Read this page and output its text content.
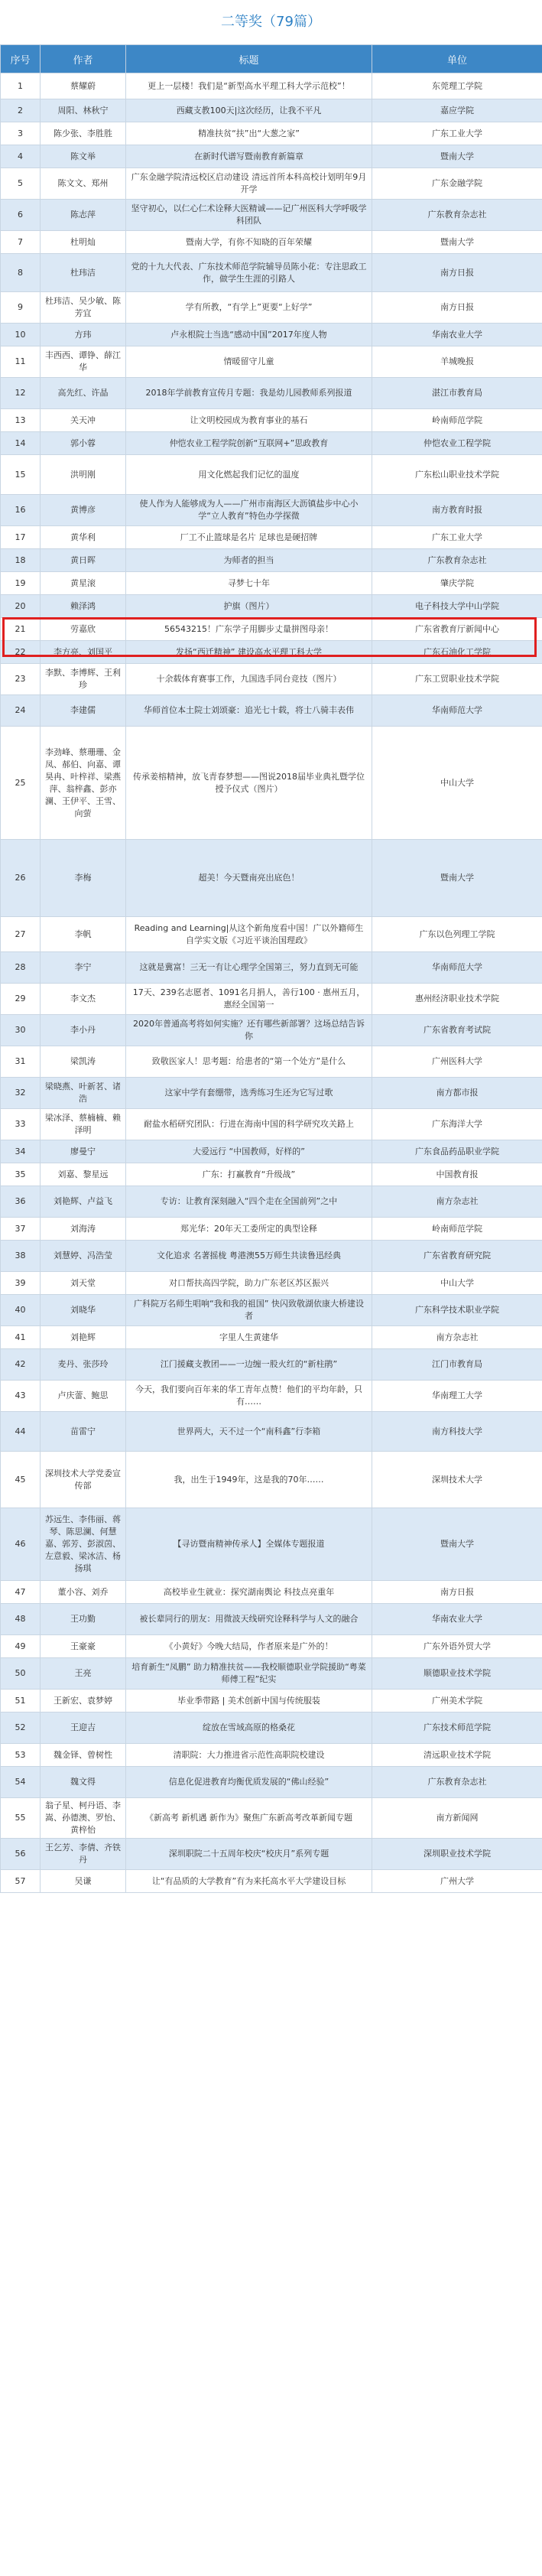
二等奖（79篇）
序号	作者	标题	单位
1	蔡耀蔚	更上一层楼！我们是“新型高水平理工科大学示范校”！	东莞理工学院
2	周阳、林秋宁	西藏支教100天|这次经历，让我不平凡	嘉应学院
3	陈少张、李胜胜	精准扶贫“扶”出“大葱之家”	广东工业大学
4	陈文举	在新时代谱写暨南教育新篇章	暨南大学
5	陈文文、郑州	广东金融学院清远校区启动建设 清远首所本科高校计划明年9月开学	广东金融学院
6	陈志萍	坚守初心，以仁心仁术诠释大医精诚——记广州医科大学呼吸学科团队	广东教育杂志社
7	杜明灿	暨南大学，有你不知晓的百年荣耀	暨南大学
8	杜玮洁	党的十九大代表、广东技术师范学院辅导员陈小花：专注思政工作，做学生生涯的引路人	南方日报
9	杜玮洁、吴少敏、陈芳宜	学有所教，“有学上”更要“上好学”	南方日报
10	方玮	卢永根院士当选“感动中国”2017年度人物	华南农业大学
11	丰西西、谭铮、薛江华	情暖留守儿童	羊城晚报
12	高先红、许晶	2018年学前教育宣传月专题：我是幼儿园教师系列报道	湛江市教育局
13	关天冲	让文明校园成为教育事业的基石	岭南师范学院
14	郭小蓉	仲恺农业工程学院创新“互联网+”思政教育	仲恺农业工程学院
15	洪明刚	用文化燃起我们记忆的温度	广东松山职业技术学院
16	黄博彦	使人作为人能够成为人——广州市南海区大沥镇盐步中心小学“立人教育”特色办学探微	南方教育时报
17	黄华利	厂工不止篮球是名片 足球也是硬招牌	广东工业大学
18	黄日晖	为师者的担当	广东教育杂志社
19	黄星滚	寻梦七十年	肇庆学院
20	赖泽鸿	护旗（图片）	电子科技大学中山学院
21	劳嘉欣	56543215！广东学子用脚步丈量拼图母亲！	广东省教育厅新闻中心
22	李方亮、刘国平	发扬“西迁精神” 建设高水平理工科大学	广东石油化工学院
23	李默、李博辉、王利珍	十余载体育赛事工作，九国选手同台竞技（图片）	广东工贸职业技术学院
24	李建儒	华师首位本土院士刘颂豪：追光七十载，将士八骑丰表伟	华南师范大学
25	李劲峰、蔡珊珊、金凤、郝伯、向嘉、谭昊冉、叶梓祥、梁燕萍、翁梓鑫、彭亦澜、王伊平、王雪、向萤	传承姜榕精神，放飞青春梦想——图说2018届毕业典礼暨学位授予仪式（图片）	中山大学
26	李梅	超美！今天暨南亮出底色！	暨南大学
27	李帆	Reading and Learning|从这个新角度看中国！广以外籍师生自学实文版《习近平谈治国理政》	广东以色列理工学院
28	李宁	这就是冀富！三无一有让心理学全国第三，努力直到无可能	华南师范大学
29	李文杰	17天、239名志愿者、1091名月捐人，善行100 · 惠州五月，惠经全国第一	惠州经济职业技术学院
30	李小丹	2020年普通高考将如何实施？还有哪些新部署？这场总结告诉你	广东省教育考试院
31	梁凯涛	致敬医家人！思考题：给患者的“第一个处方”是什么	广州医科大学
32	梁晓燕、叶新茗、诸浩	这家中学有套绷带，选秀练习生还为它写过歌	南方都市报
33	梁冰泽、蔡楠楠、赖泽明	耐盐水稻研究团队：行进在海南中国的科学研究攻关路上	广东海洋大学
34	廖曼宁	大爱远行 “中国教师，好样的”	广东食品药品职业学院
35	刘嘉、黎星远	广东：打赢教育“升级战”	中国教育报
36	刘艳辉、卢益飞	专访：让教育深刻融入“四个走在全国前列”之中	南方杂志社
37	刘海涛	郑光华：20年天工委所定的典型诠释	岭南师范学院
38	刘慧婷、冯浩莹	文化追求 名著摇栊 粤港澳55万师生共读鲁迅经典	广东省教育研究院
39	刘天堂	对口帮扶高四学院，助力广东老区苏区振兴	中山大学
40	刘晓华	广科院万名师生唱响“我和我的祖国” 快闪致敬湖依康大桥建设者	广东科学技术职业学院
41	刘艳辉	字里人生黄建华	南方杂志社
42	麦丹、张莎玲	江门援藏支教团——一边缠一股火红的“新柱鹃”	江门市教育局
43	卢庆蕾、鲍思	今天，我们要向百年来的华工青年点赞！他们的平均年龄，只有……	华南理工大学
44	苗雷宁	世界两大，天不过一个“南科鑫”行李箱	南方科技大学
45	深圳技术大学党委宣传部	我，出生于1949年，这是我的70年……	深圳技术大学
46	苏远生、李伟丽、蒋琴、陈思澜、何慧嘉、郭芳、彭淑茵、左意毅、梁冰洁、杨扬琪	【寻访暨南精神传承人】全媒体专题报道	暨南大学
47	董小容、刘乔	高校毕业生就业：探究湖南舆论 科技点亮重年	南方日报
48	王功勤	被长辈同行的朋友：用微波天线研究诠释科学与人文的融合	华南农业大学
49	王豪豪	《小黄好》今晚大结局，作者原来是广外的！	广东外语外贸大学
50	王亮	培育新生“凤鹏” 助力精准扶贫——我校顺德职业学院援助“粤菜师傅工程”纪实	顺德职业技术学院
51	王新宏、袁梦婷	毕业季带路 | 美术创新中国与传统服装	广州美术学院
52	王迎吉	绽放在雪域高原的格桑花	广东技术师范学院
53	魏金铎、曾树性	清职院：大力推进省示范性高职院校建设	清远职业技术学院
54	魏文得	信息化促进教育均衡优质发展的“佛山经验”	广东教育杂志社
55	翁子星、柯丹语、李嵩、孙德澳、罗怡、黄梓怡	《新高考 新机遇 新作为》聚焦广东新高考改革新闻专题	南方新闻网
56	王乞芳、李倩、齐铁丹	深圳职院二十五周年校庆“校庆月”系列专题	深圳职业技术学院
57	吴谦	让“有品质的大学教育”有为来托高水平大学建设目标	广州大学
